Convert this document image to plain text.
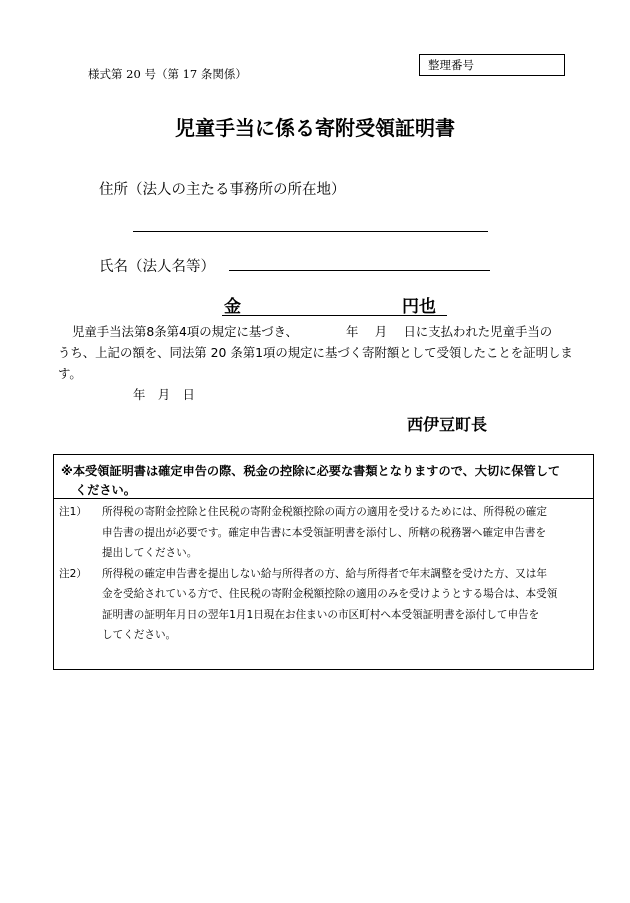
様式第 20 号（第 17 条関係）
整理番号
児童手当に係る寄附受領証明書
住所（法人の主たる事務所の所在地）
氏名（法人名等）
金	円也
児童手当法第8条第4項の規定に基づき、	年　 月　 日に支払われた児童手当の
うち、上記の額を、同法第 20 条第1項の規定に基づく寄附額として受領したことを証明しま
す。
年　月　日
西伊豆町長
※本受領証明書は確定申告の際、税金の控除に必要な書類となりますので、大切に保管して
ください。
注1） 所得税の寄附金控除と住民税の寄附金税額控除の両方の適用を受けるためには、所得税の確定
申告書の提出が必要です。確定申告書に本受領証明書を添付し、所轄の税務署へ確定申告書を
提出してください。
注2） 所得税の確定申告書を提出しない給与所得者の方、給与所得者で年末調整を受けた方、又は年
金を受給されている方で、住民税の寄附金税額控除の適用のみを受けようとする場合は、本受領
証明書の証明年月日の翌年1月1日現在お住まいの市区町村へ本受領証明書を添付して申告を
してください。
